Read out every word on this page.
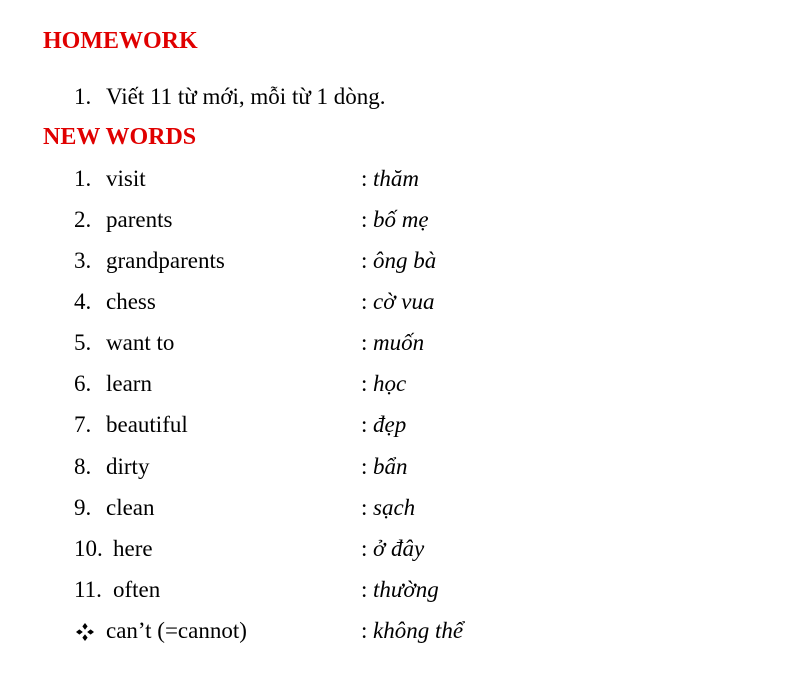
HOMEWORK
1. Viết 11 từ mới, mỗi từ 1 dòng.
NEW WORDS
1. visit	: thăm
2. parents	: bố mẹ
3. grandparents	: ông bà
4. chess	: cờ vua
5. want to	: muốn
6. learn	: học
7. beautiful	: đẹp
8. dirty	: bẩn
9. clean	: sạch
10. here	: ở đây
11. often	: thường
can’t (=cannot)	: không thể
